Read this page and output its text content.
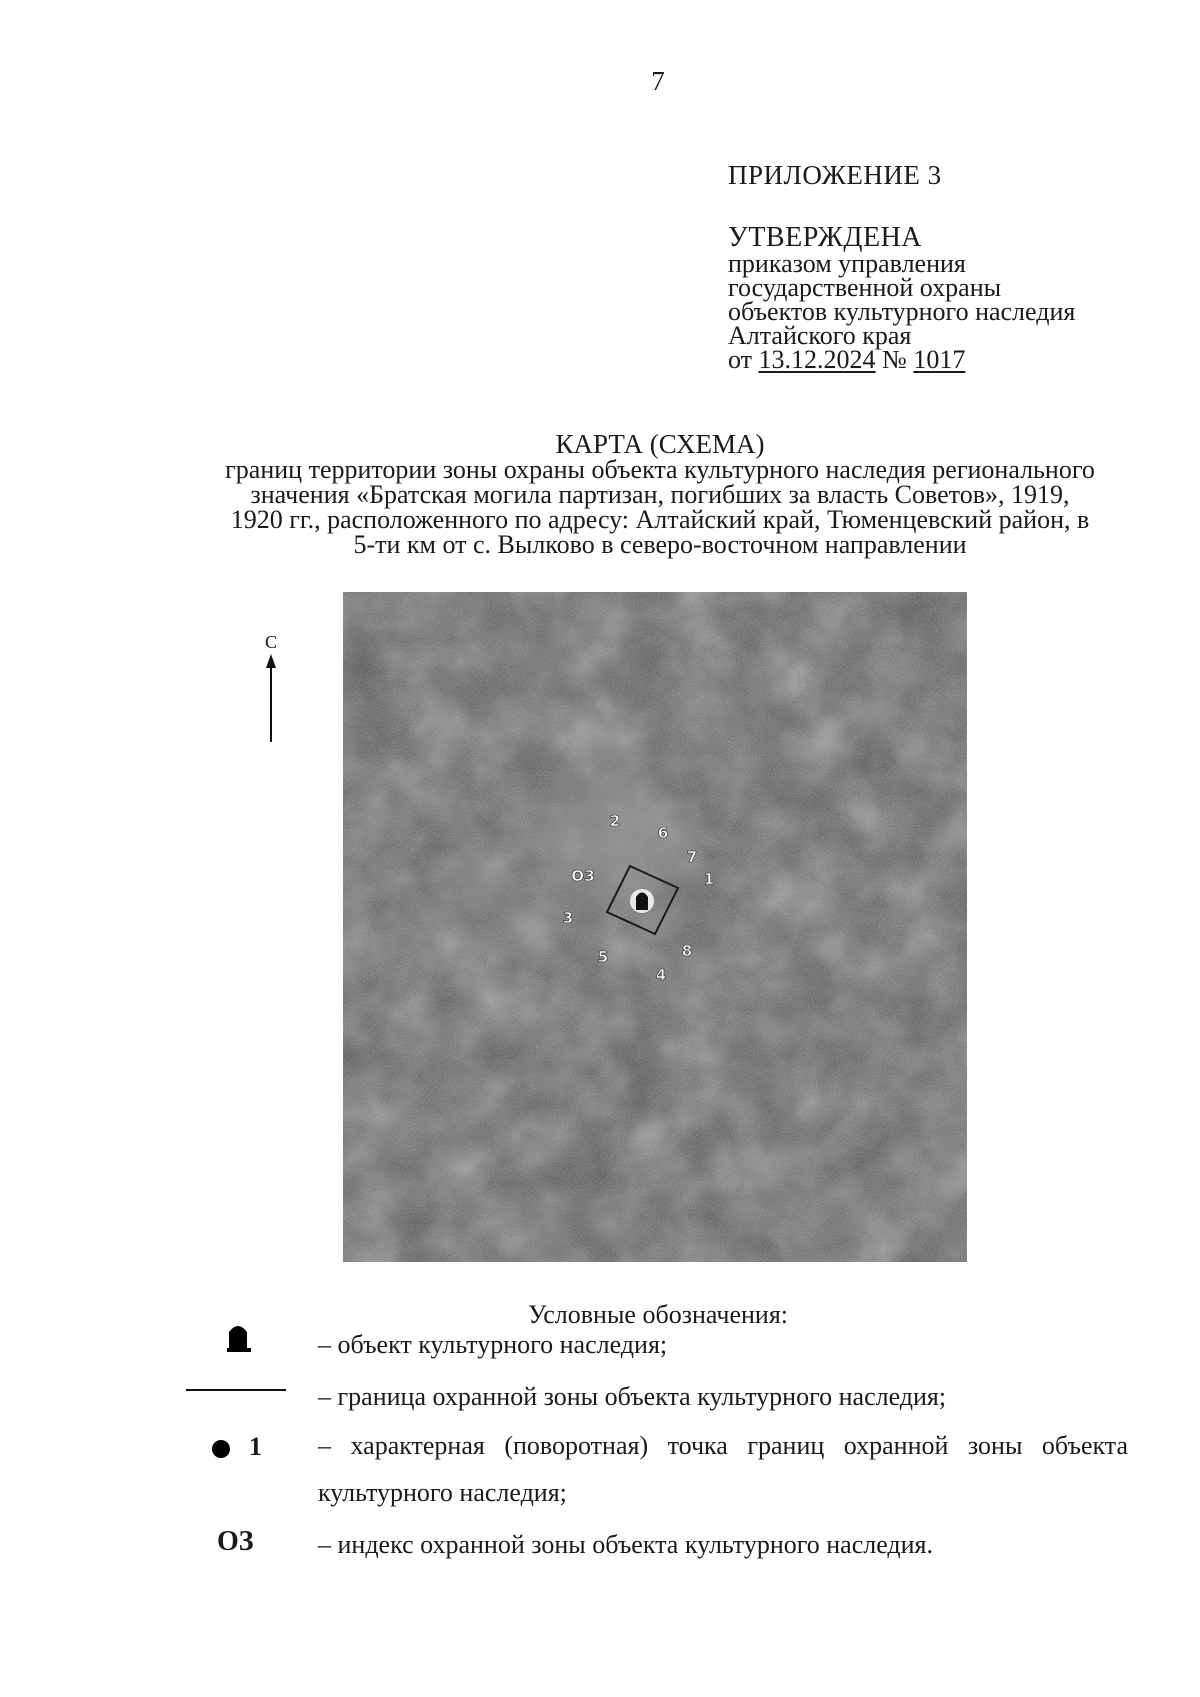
7
ПРИЛОЖЕНИЕ 3
УТВЕРЖДЕНА
приказом управления
государственной охраны
объектов культурного наследия
Алтайского края
от 13.12.2024 № 1017
КАРТА (СХЕМА)
границ территории зоны охраны объекта культурного наследия регионального
значения «Братская могила партизан, погибших за власть Советов», 1919,
1920 гг., расположенного по адресу: Алтайский край, Тюменцевский район, в
5-ти км от с. Вылково в северо-восточном направлении
С
2
6
7
1
ОЗ
3
8
5
4
Условные обозначения:
– объект культурного наследия;
– граница охранной зоны объекта культурного наследия;
1 – характерная (поворотная) точка границ охранной зоны объекта
культурного наследия;
ОЗ – индекс охранной зоны объекта культурного наследия.
